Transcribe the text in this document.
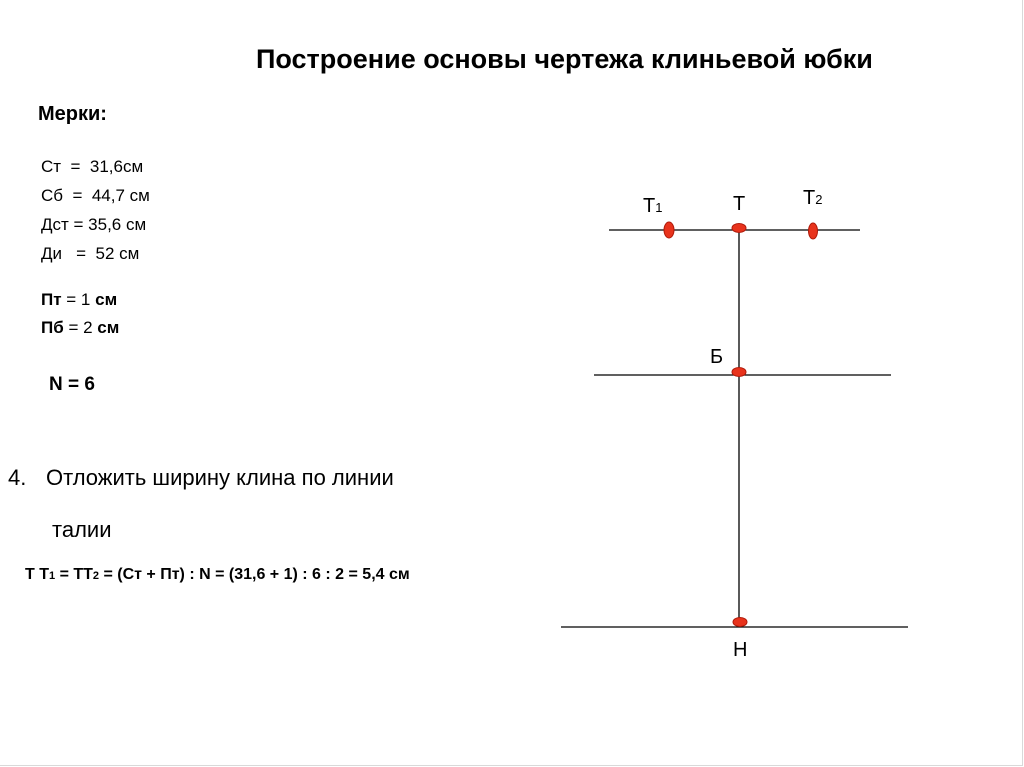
Построение основы чертежа клиньевой юбки
Мерки:
Ст  =  31,6см
Сб  =  44,7 см
Дст = 35,6 см
Ди   =  52 см
Пт = 1 см
Пб = 2 см
N = 6
4. Отложить ширину клина по линии
талии
Т Т1 = ТТ2 = (Ст + Пт) : N = (31,6 + 1) : 6 : 2 = 5,4 см
Т1	Т	Т2
Б
Н
